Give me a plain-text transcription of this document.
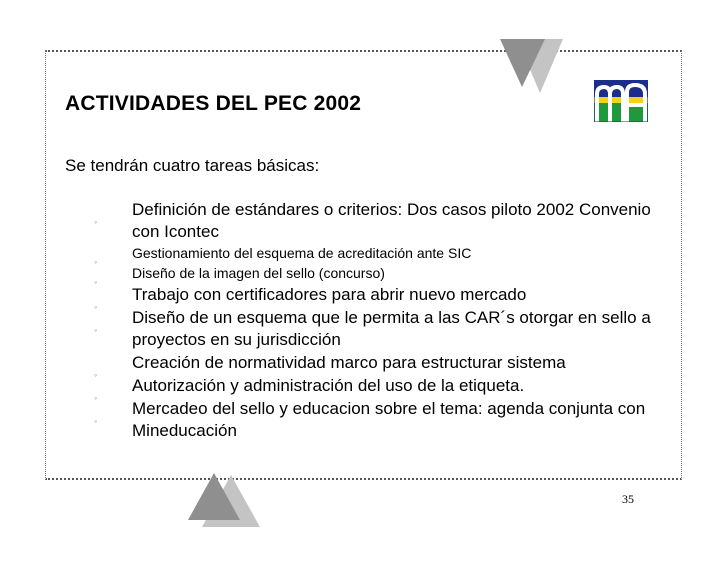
ACTIVIDADES DEL PEC 2002

Se tendrán cuatro tareas básicas:

◦
Definición de estándares o criterios: Dos casos piloto 2002 Convenio con Icontec
◦
Gestionamiento del esquema de acreditación ante SIC
◦
Diseño de la imagen del sello (concurso)
◦
Trabajo con certificadores para abrir nuevo mercado
◦
Diseño de un esquema que le permita a las CAR´s otorgar en sello a proyectos en su jurisdicción
◦
Creación de normatividad marco para estructurar sistema
◦
Autorización y administración del uso de la etiqueta.
◦
Mercadeo del sello y educacion sobre el tema: agenda conjunta con Mineducación
35
